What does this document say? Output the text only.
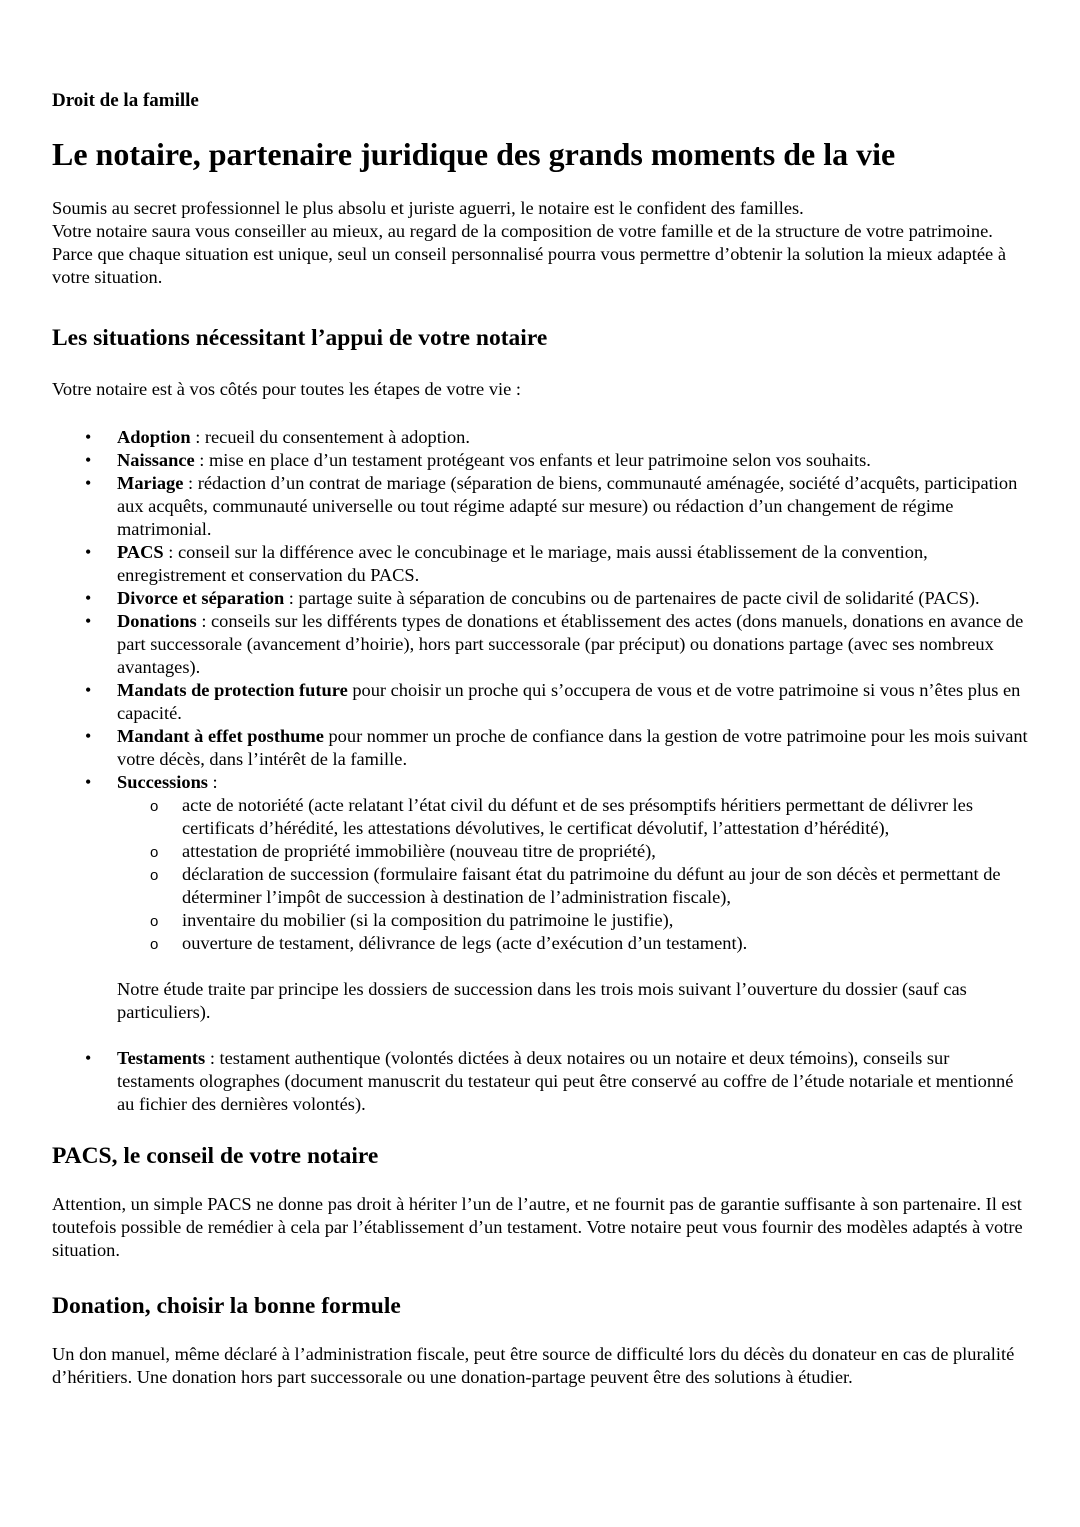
Droit de la famille

Le notaire, partenaire juridique des grands moments de la vie

Soumis au secret professionnel le plus absolu et juriste aguerri, le notaire est le confident des familles.

Votre notaire saura vous conseiller au mieux, au regard de la composition de votre famille et de la structure de votre patrimoine.

Parce que chaque situation est unique, seul un conseil personnalisé pourra vous permettre d’obtenir la solution la mieux adaptée à votre situation.

Les situations nécessitant l’appui de votre notaire

Votre notaire est à vos côtés pour toutes les étapes de votre vie :

• Adoption : recueil du consentement à adoption.
• Naissance : mise en place d’un testament protégeant vos enfants et leur patrimoine selon vos souhaits.
• Mariage : rédaction d’un contrat de mariage (séparation de biens, communauté aménagée, société d’acquêts, participation aux acquêts, communauté universelle ou tout régime adapté sur mesure) ou rédaction d’un changement de régime matrimonial.
• PACS : conseil sur la différence avec le concubinage et le mariage, mais aussi établissement de la convention, enregistrement et conservation du PACS.
• Divorce et séparation : partage suite à séparation de concubins ou de partenaires de pacte civil de solidarité (PACS).
• Donations : conseils sur les différents types de donations et établissement des actes (dons manuels, donations en avance de part successorale (avancement d’hoirie), hors part successorale (par préciput) ou donations partage (avec ses nombreux avantages).
• Mandats de protection future pour choisir un proche qui s’occupera de vous et de votre patrimoine si vous n’êtes plus en capacité.
• Mandant à effet posthume pour nommer un proche de confiance dans la gestion de votre patrimoine pour les mois suivant votre décès, dans l’intérêt de la famille.
• Successions :
o acte de notoriété (acte relatant l’état civil du défunt et de ses présomptifs héritiers permettant de délivrer les certificats d’hérédité, les attestations dévolutives, le certificat dévolutif, l’attestation d’hérédité),
o attestation de propriété immobilière (nouveau titre de propriété),
o déclaration de succession (formulaire faisant état du patrimoine du défunt au jour de son décès et permettant de déterminer l’impôt de succession à destination de l’administration fiscale),
o inventaire du mobilier (si la composition du patrimoine le justifie),
o ouverture de testament, délivrance de legs (acte d’exécution d’un testament).

Notre étude traite par principe les dossiers de succession dans les trois mois suivant l’ouverture du dossier (sauf cas particuliers).

• Testaments : testament authentique (volontés dictées à deux notaires ou un notaire et deux témoins), conseils sur testaments olographes (document manuscrit du testateur qui peut être conservé au coffre de l’étude notariale et mentionné au fichier des dernières volontés).
PACS, le conseil de votre notaire

Attention, un simple PACS ne donne pas droit à hériter l’un de l’autre, et ne fournit pas de garantie suffisante à son partenaire. Il est toutefois possible de remédier à cela par l’établissement d’un testament. Votre notaire peut vous fournir des modèles adaptés à votre situation.

Donation, choisir la bonne formule

Un don manuel, même déclaré à l’administration fiscale, peut être source de difficulté lors du décès du donateur en cas de pluralité d’héritiers. Une donation hors part successorale ou une donation-partage peuvent être des solutions à étudier.
